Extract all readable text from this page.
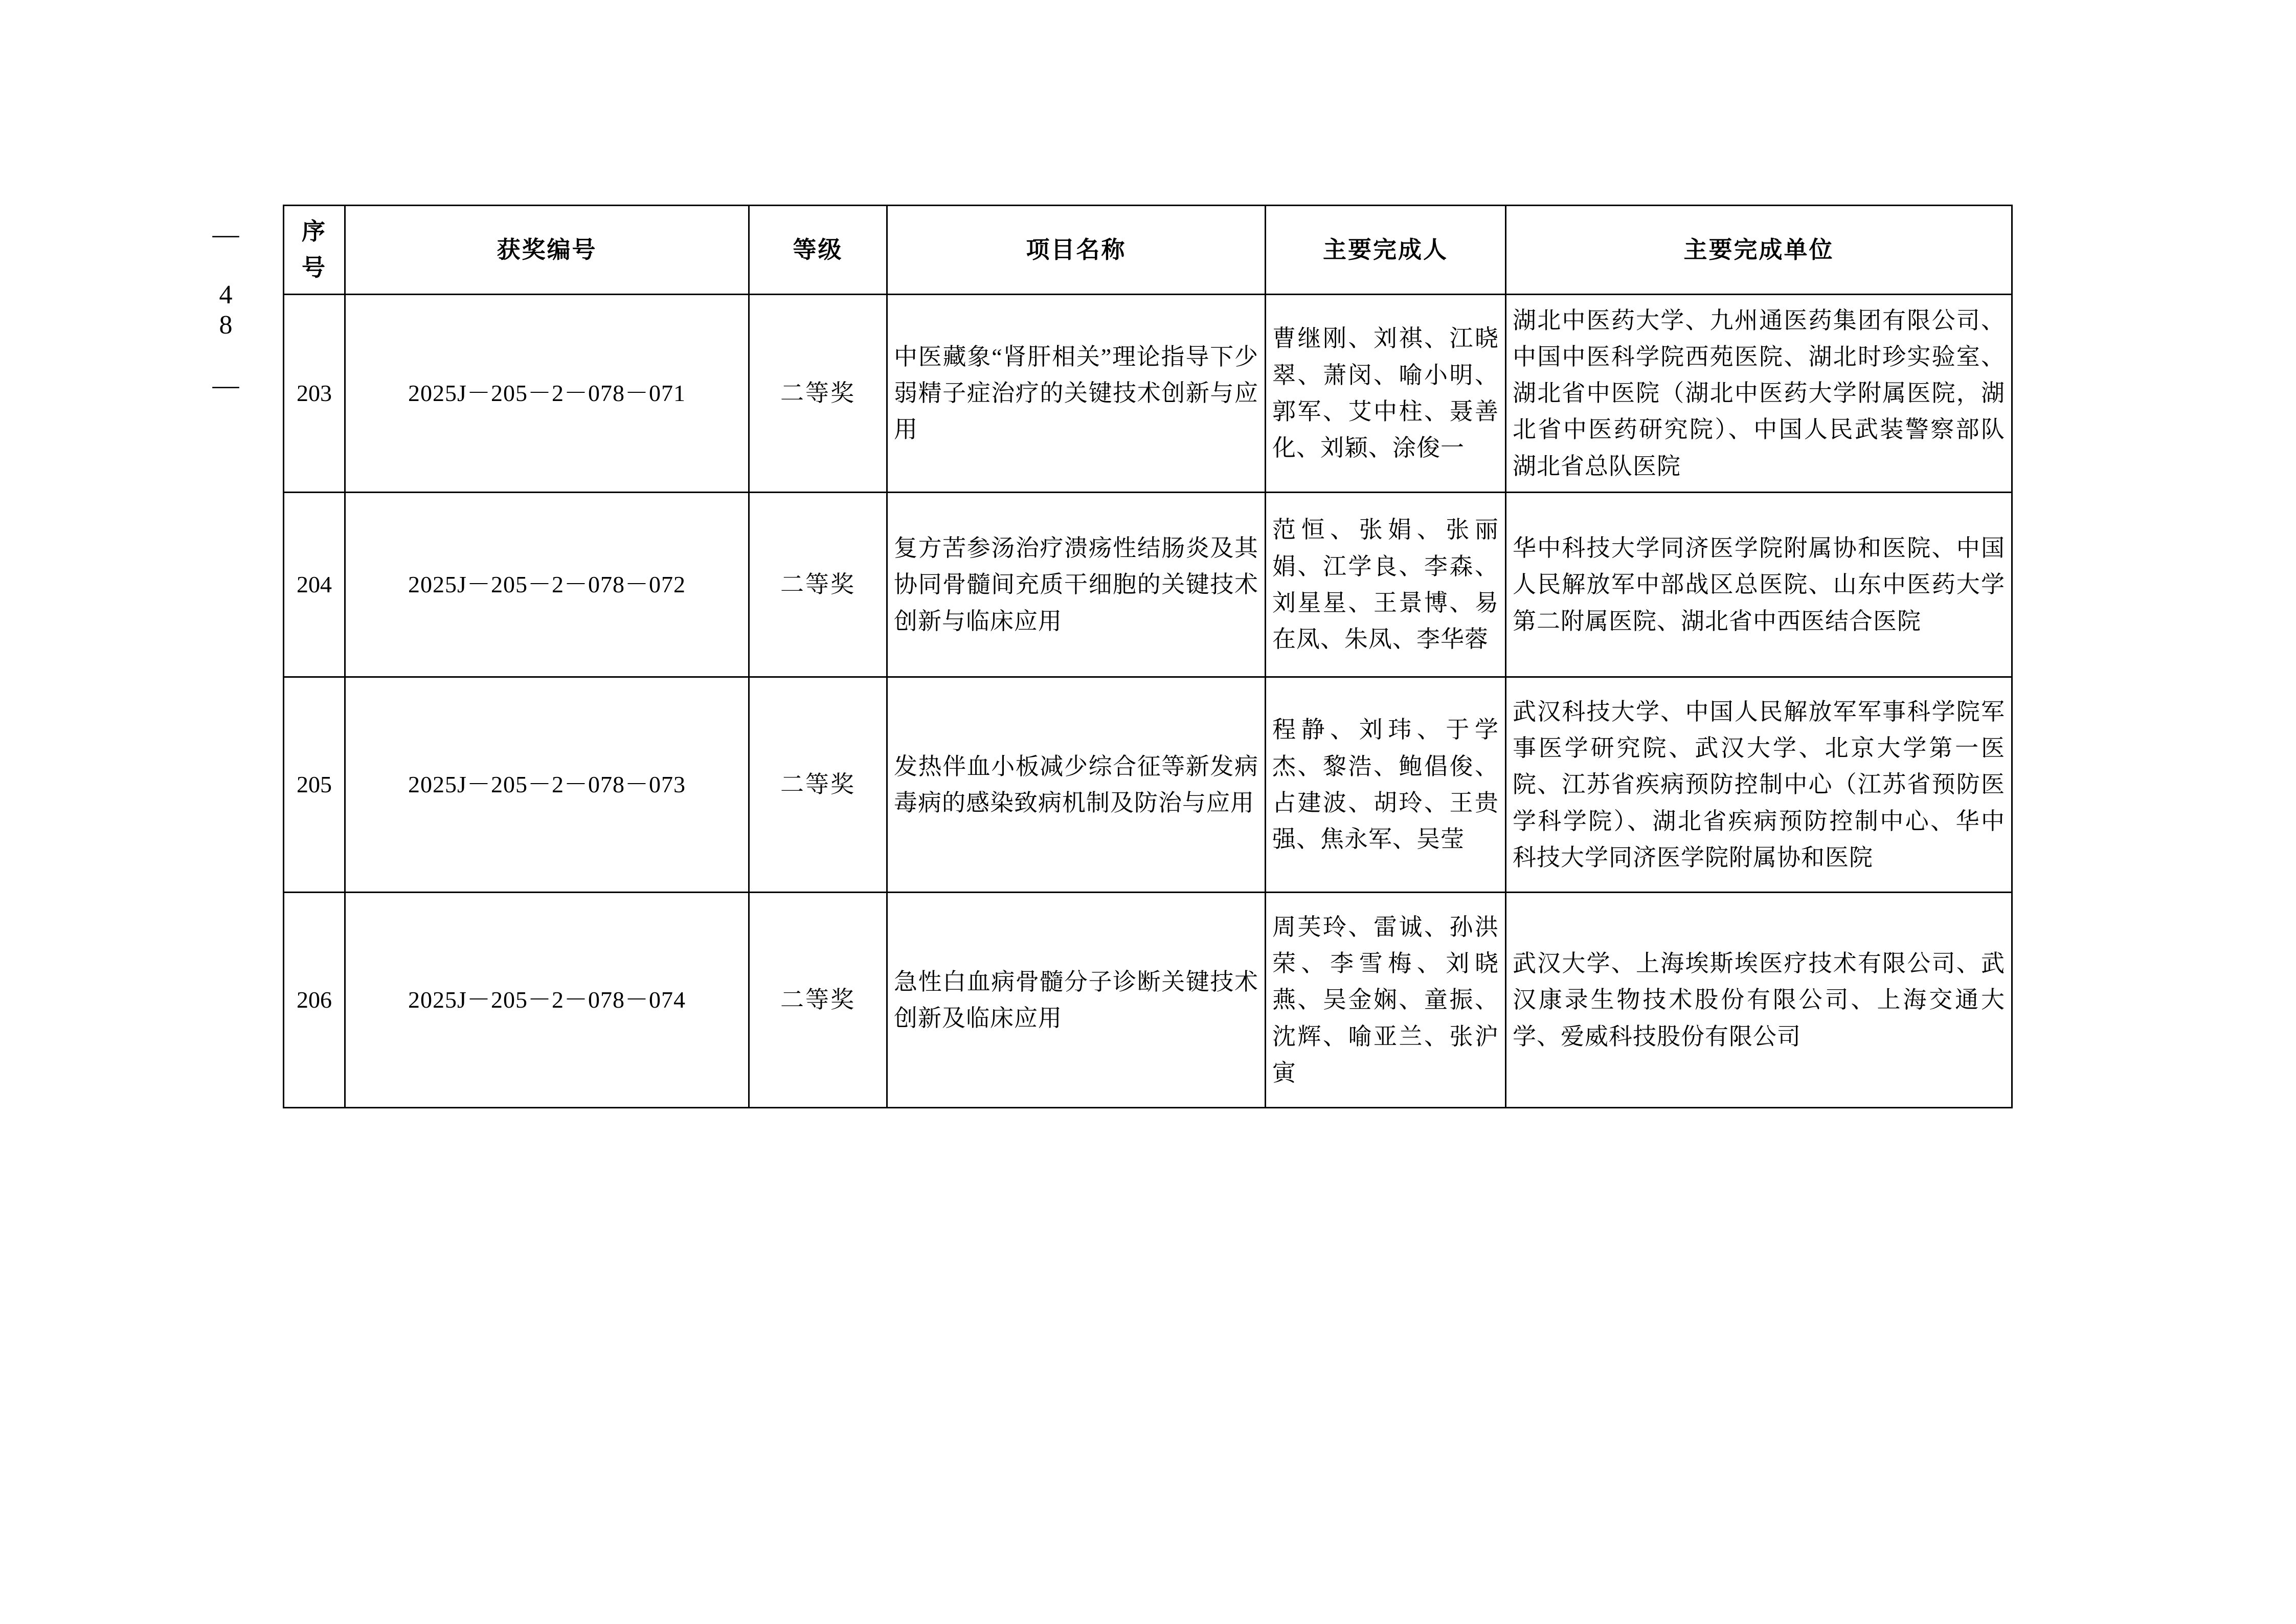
— 48 —	序号	获奖编号	等级	项目名称	主要完成人	主要完成单位
203	2025J－205－2－078－071	二等奖	中医藏象“肾肝相关”理论指导下少弱精子症治疗的关键技术创新与应用	曹继刚、刘祺、江晓翠、萧闵、喻小明、郭军、艾中柱、聂善化、刘颖、涂俊一	湖北中医药大学、九州通医药集团有限公司、中国中医科学院西苑医院、湖北时珍实验室、湖北省中医院（湖北中医药大学附属医院，湖北省中医药研究院）、中国人民武装警察部队湖北省总队医院
204	2025J－205－2－078－072	二等奖	复方苦参汤治疗溃疡性结肠炎及其协同骨髓间充质干细胞的关键技术创新与临床应用	范恒、张娟、张丽娟、江学良、李森、刘星星、王景博、易在凤、朱凤、李华蓉	华中科技大学同济医学院附属协和医院、中国人民解放军中部战区总医院、山东中医药大学第二附属医院、湖北省中西医结合医院
205	2025J－205－2－078－073	二等奖	发热伴血小板减少综合征等新发病毒病的感染致病机制及防治与应用	程静、刘玮、于学杰、黎浩、鲍倡俊、占建波、胡玲、王贵强、焦永军、吴莹	武汉科技大学、中国人民解放军军事科学院军事医学研究院、武汉大学、北京大学第一医院、江苏省疾病预防控制中心（江苏省预防医学科学院）、湖北省疾病预防控制中心、华中科技大学同济医学院附属协和医院
206	2025J－205－2－078－074	二等奖	急性白血病骨髓分子诊断关键技术创新及临床应用	周芙玲、雷诚、孙洪荣、李雪梅、刘晓燕、吴金娴、童振、沈辉、喻亚兰、张沪寅	武汉大学、上海埃斯埃医疗技术有限公司、武汉康录生物技术股份有限公司、上海交通大学、爱威科技股份有限公司
